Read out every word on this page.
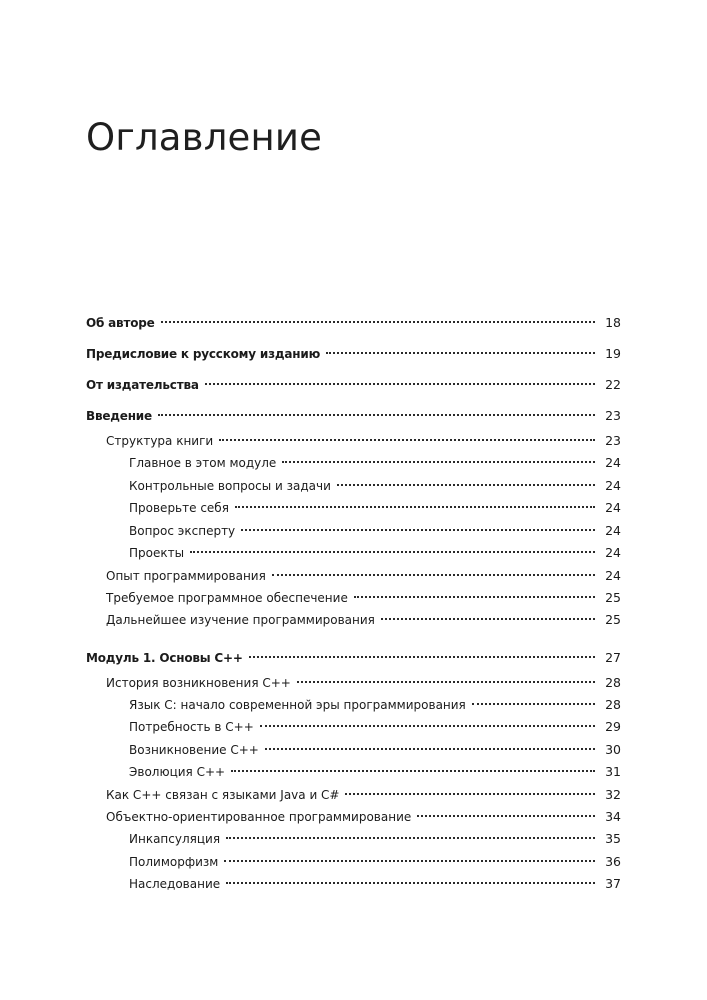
Оглавление
Об авторе	18
Предисловие к русскому изданию	19
От издательства	22
Введение	23
Структура книги	23
Главное в этом модуле	24
Контрольные вопросы и задачи	24
Проверьте себя	24
Вопрос эксперту	24
Проекты	24
Опыт программирования	24
Требуемое программное обеспечение	25
Дальнейшее изучение программирования	25
Модуль 1. Основы C++	27
История возникновения C++	28
Язык C: начало современной эры программирования	28
Потребность в C++	29
Возникновение C++	30
Эволюция C++	31
Как C++ связан с языками Java и C#	32
Объектно-ориентированное программирование	34
Инкапсуляция	35
Полиморфизм	36
Наследование	37
